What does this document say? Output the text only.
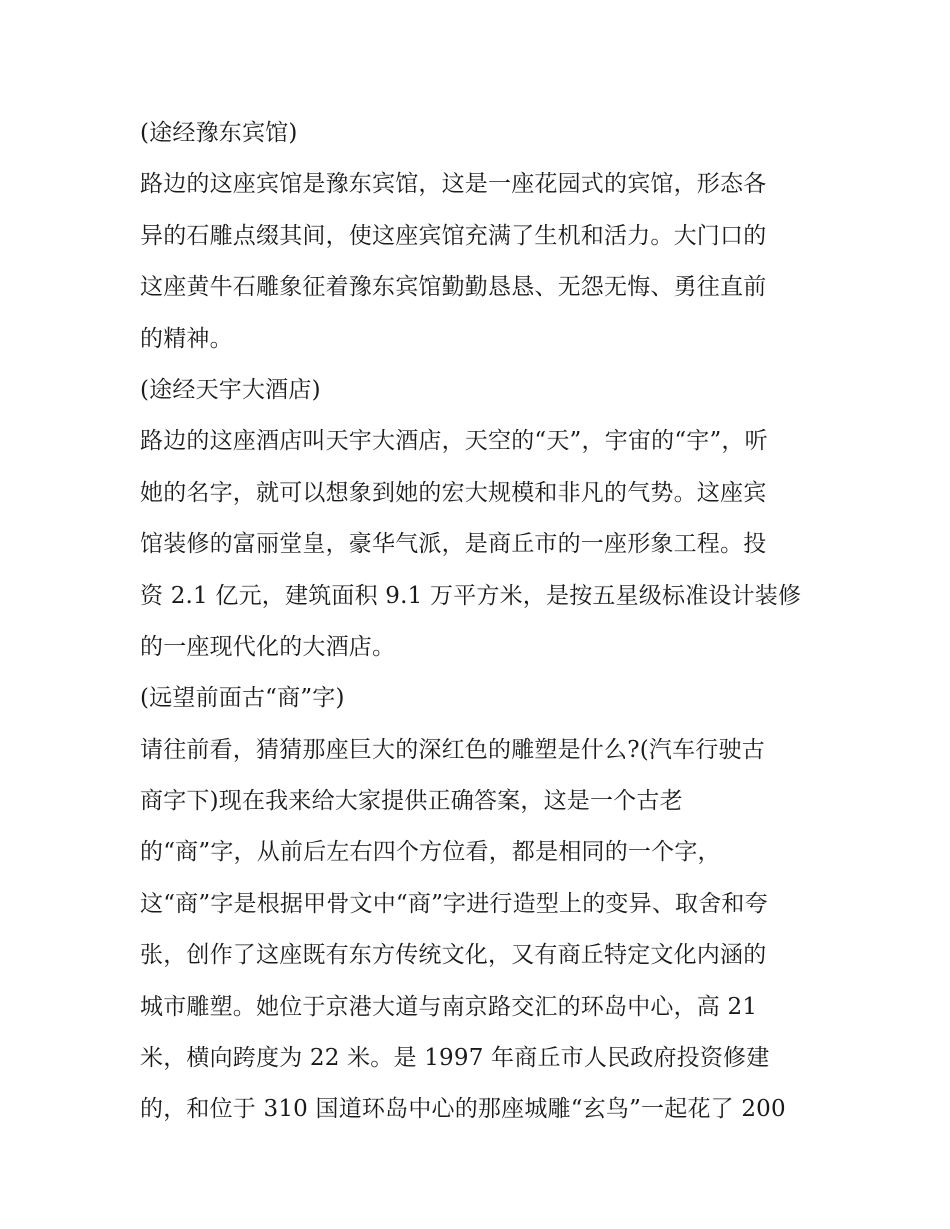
(途经豫东宾馆)
路边的这座宾馆是豫东宾馆，这是一座花园式的宾馆，形态各
异的石雕点缀其间，使这座宾馆充满了生机和活力。大门口的
这座黄牛石雕象征着豫东宾馆勤勤恳恳、无怨无悔、勇往直前
的精神。
(途经天宇大酒店)
路边的这座酒店叫天宇大酒店，天空的“天”，宇宙的“宇”，听
她的名字，就可以想象到她的宏大规模和非凡的气势。这座宾
馆装修的富丽堂皇，豪华气派，是商丘市的一座形象工程。投
资 2.1 亿元，建筑面积 9.1 万平方米，是按五星级标准设计装修
的一座现代化的大酒店。
(远望前面古“商”字)
请往前看，猜猜那座巨大的深红色的雕塑是什么?(汽车行驶古
商字下)现在我来给大家提供正确答案，这是一个古老
的“商”字，从前后左右四个方位看，都是相同的一个字，
这“商”字是根据甲骨文中“商”字进行造型上的变异、取舍和夸
张，创作了这座既有东方传统文化，又有商丘特定文化内涵的
城市雕塑。她位于京港大道与南京路交汇的环岛中心，高 21
米，横向跨度为 22 米。是 1997 年商丘市人民政府投资修建
的，和位于 310 国道环岛中心的那座城雕“玄鸟”一起花了 200
